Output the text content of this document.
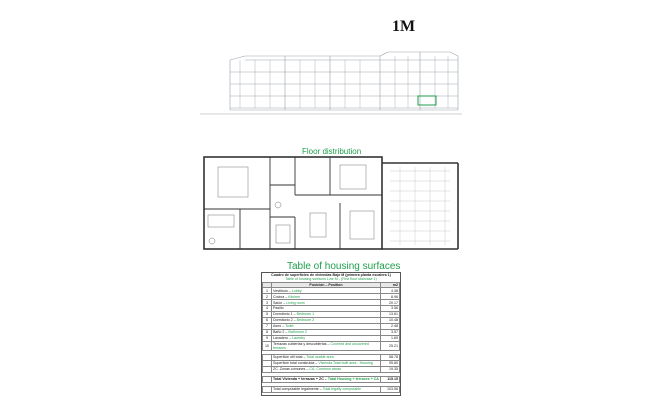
1M
Floor distribution
Table of housing surfaces
Cuadro de superficies de viviendas Bajo M (primera planta escalera 1)
Table of housing surfaces Line M - (First floor staircase 1)
	Posición – Position	m2
1	Vestíbulo – Lobby	4.38
2	Cocina – Kitchen	8.96
3	Salón – Living room	20.17
4	Pasillo	3.56
5	Dormitorio 1 – Bedroom 1	13.61
6	Dormitorio 2 – Bedroom 2	10.48
7	Aseo – Toilet	2.48
8	Baño 2 – Bathroom 2	3.57
9	Lavadero – Laundry	1.69
10	Terrazas cubiertas y descubiertas – Covered and uncovered terraces	25.21

	Superficie útil total – Total usable area	58.78
	Superficie total construida – Vivienda Total built area - Housing	95.80
	ZC. Zonas comunes – CA. Common areas	19.35

	Total Vivienda + terrazas + ZC – Total Housing + terraces + CA	115.15

	Total computable legalmente – Total legally computable	103.56
